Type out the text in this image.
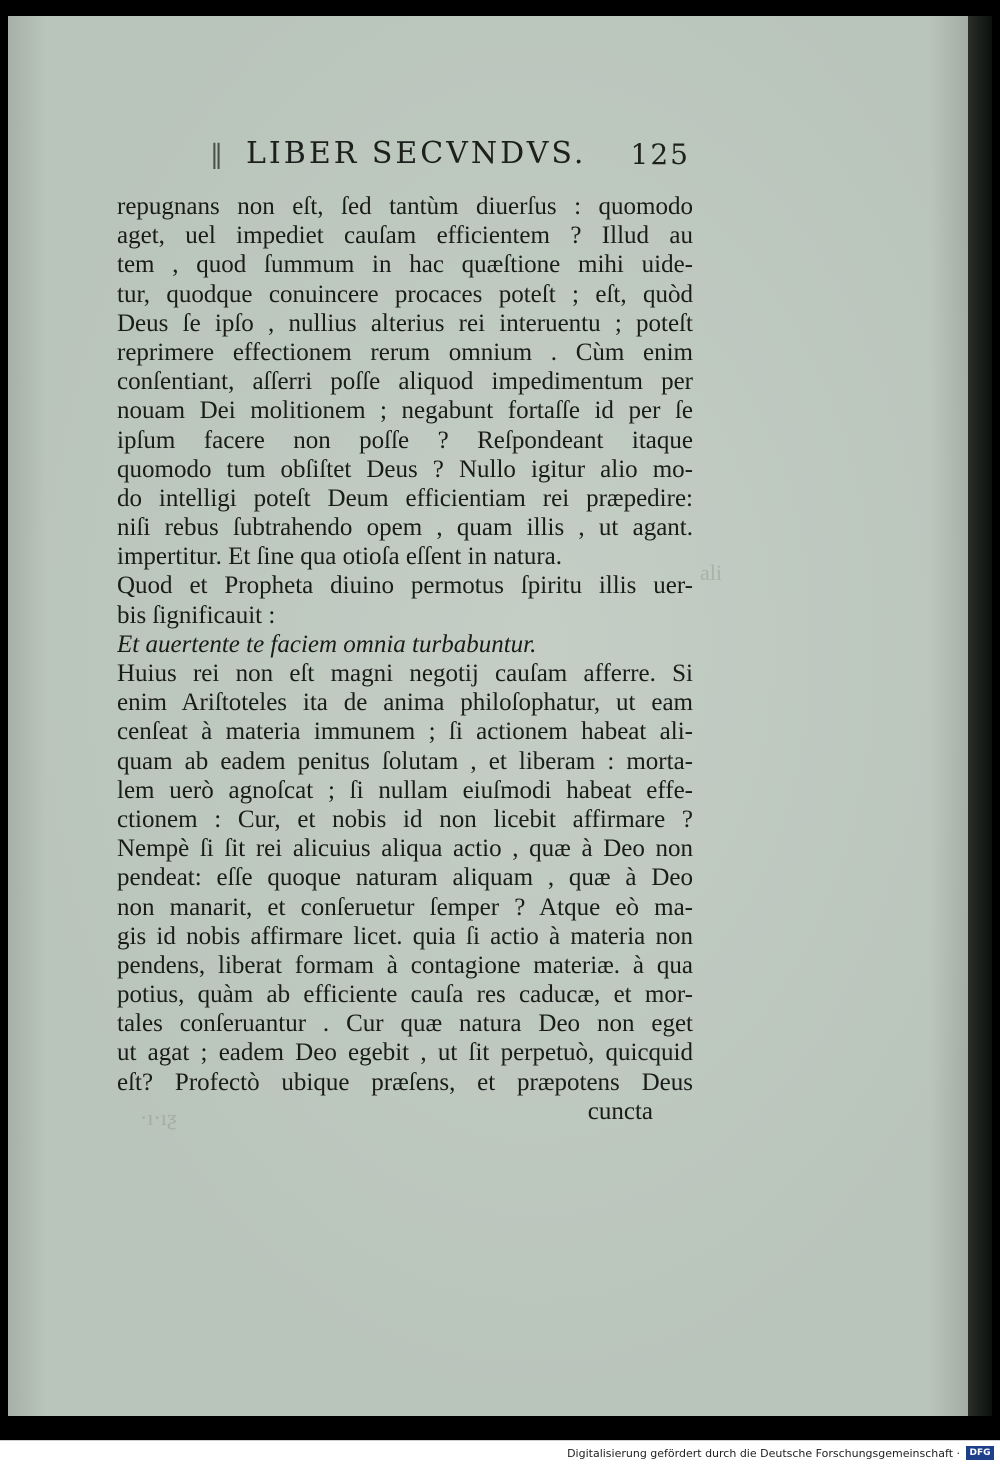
ali
·ı·ıƺ
‖ LIBER SECVNDVS. 125
repugnans non eſt, ſed tantùm diuerſus : quomodo
aget, uel impediet cauſam efficientem ? Illud au
tem , quod ſummum in hac quæſtione mihi uide-
tur, quodque conuincere procaces poteſt ; eſt, quòd
Deus ſe ipſo , nullius alterius rei interuentu ; poteſt
reprimere effectionem rerum omnium . Cùm enim
conſentiant, aſſerri poſſe aliquod impedimentum per
nouam Dei molitionem ; negabunt fortaſſe id per ſe
ipſum facere non poſſe ? Reſpondeant itaque
quomodo tum obſiſtet Deus ? Nullo igitur alio mo-
do intelligi poteſt Deum efficientiam rei præpedire:
niſi rebus ſubtrahendo opem , quam illis , ut agant.
impertitur. Et ſine qua otioſa eſſent in natura.
Quod et Propheta diuino permotus ſpiritu illis uer-
bis ſignificauit :
Et auertente te faciem omnia turbabuntur.
Huius rei non eſt magni negotij cauſam afferre. Si
enim Ariſtoteles ita de anima philoſophatur, ut eam
cenſeat à materia immunem ; ſi actionem habeat ali-
quam ab eadem penitus ſolutam , et liberam : morta-
lem uerò agnoſcat ; ſi nullam eiuſmodi habeat effe-
ctionem : Cur, et nobis id non licebit affirmare ?
Nempè ſi ſit rei alicuius aliqua actio , quæ à Deo non
pendeat: eſſe quoque naturam aliquam , quæ à Deo
non manarit, et conſeruetur ſemper ? Atque eò ma-
gis id nobis affirmare licet. quia ſi actio à materia non
pendens, liberat formam à contagione materiæ. à qua
potius, quàm ab efficiente cauſa res caducæ, et mor-
tales conſeruantur . Cur quæ natura Deo non eget
ut agat ; eadem Deo egebit , ut ſit perpetuò, quicquid
eſt? Profectò ubique præſens, et præpotens Deus
cuncta
Digitalisierung gefördert durch die Deutsche Forschungsgemeinschaft ·	DFG
